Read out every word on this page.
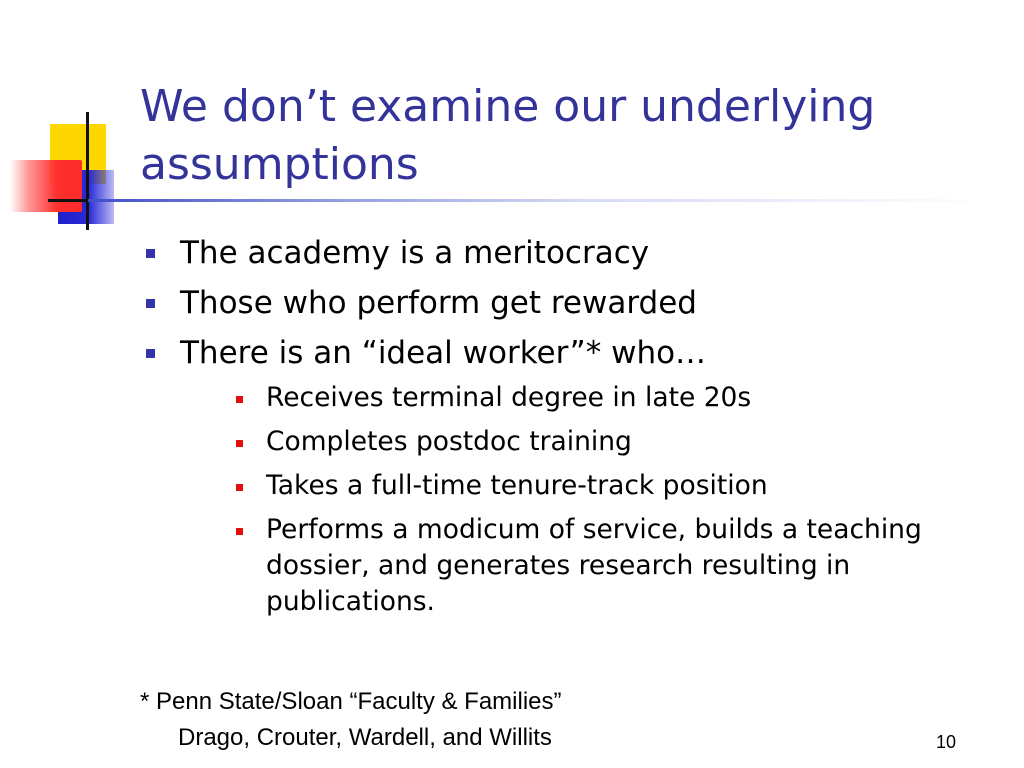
We don’t examine our underlying assumptions
The academy is a meritocracy
Those who perform get rewarded
There is an “ideal worker”* who…
Receives terminal degree in late 20s
Completes postdoc training
Takes a full-time tenure-track position
Performs a modicum of service, builds a teaching dossier, and generates research resulting in publications.
* Penn State/Sloan “Faculty & Families”
Drago, Crouter, Wardell, and Willits	10
